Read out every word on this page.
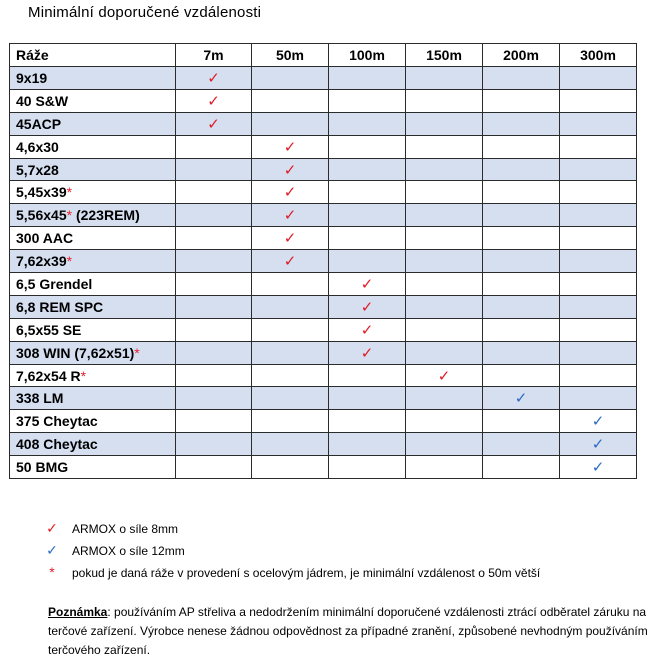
Minimální doporučené vzdálenosti
Ráže	7m	50m	100m	150m	200m	300m
9x19	✓					
40 S&W	✓					
45ACP	✓					
4,6x30		✓				
5,7x28		✓				
5,45x39*		✓				
5,56x45* (223REM)		✓				
300 AAC		✓				
7,62x39*		✓				
6,5 Grendel			✓			
6,8 REM SPC			✓			
6,5x55 SE			✓			
308 WIN (7,62x51)*			✓			
7,62x54 R*				✓		
338 LM					✓	
375 Cheytac						✓
408 Cheytac						✓
50 BMG						✓
✓ ARMOX o síle 8mm
✓ ARMOX o síle 12mm
*	pokud je daná ráže v provedení s ocelovým jádrem, je minimální vzdálenost o 50m větší
Poznámka: používáním AP střeliva a nedodržením minimální doporučené vzdálenosti ztrácí odběratel záruku na terčové zařízení. Výrobce nenese žádnou odpovědnost za případné zranění, způsobené nevhodným používáním terčového zařízení.
